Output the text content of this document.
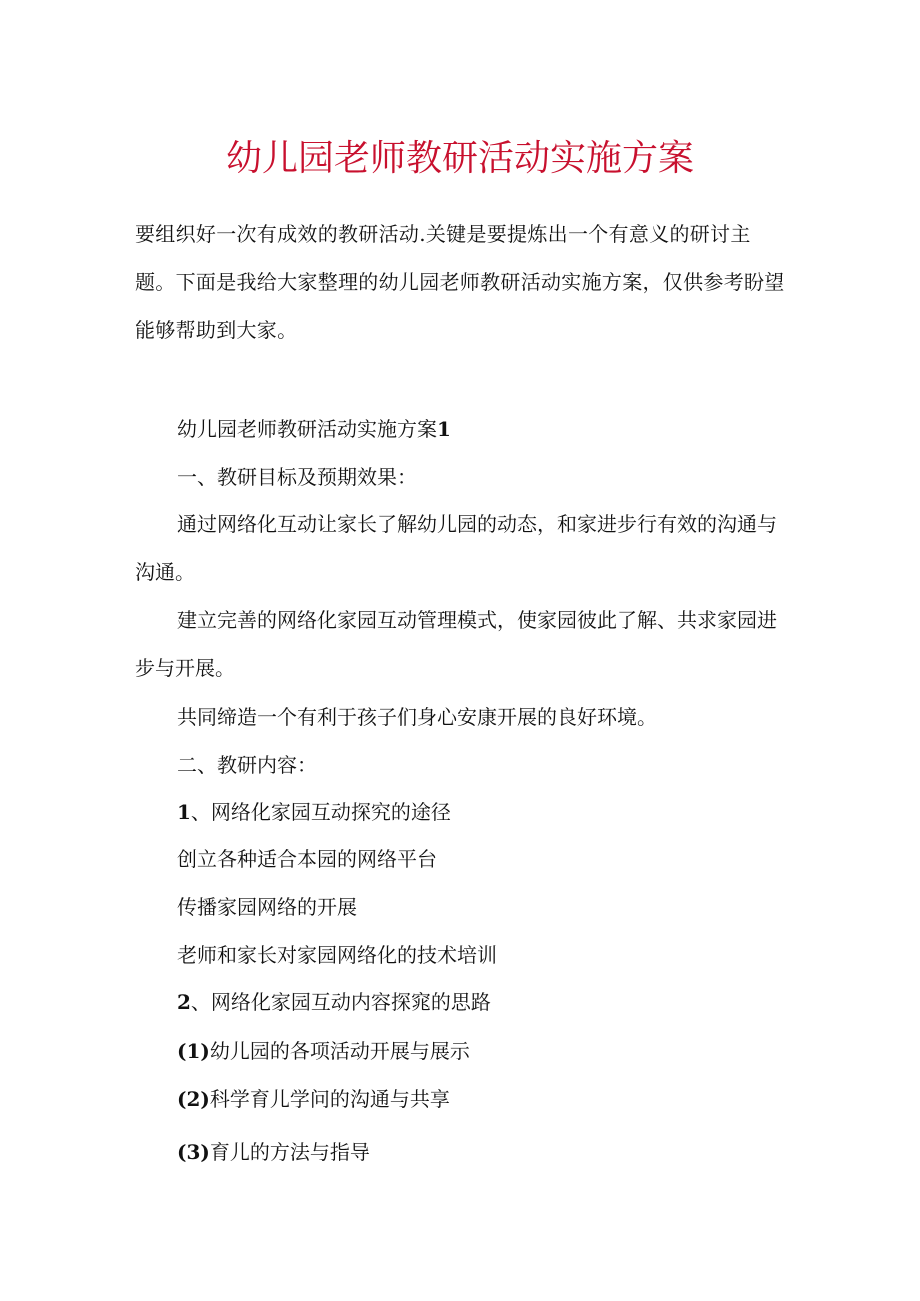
幼儿园老师教研活动实施方案

要组织好一次有成效的教研活动.关键是要提炼出一个有意义的研讨主题。下面是我给大家整理的幼儿园老师教研活动实施方案，仅供参考盼望能够帮助到大家。

幼儿园老师教研活动实施方案1
一、教研目标及预期效果：

通过网络化互动让家长了解幼儿园的动态，和家进步行有效的沟通与沟通。

建立完善的网络化家园互动管理模式，使家园彼此了解、共求家园进步与开展。

共同缔造一个有利于孩子们身心安康开展的良好环境。
二、教研内容：
1、网络化家园互动探究的途径
创立各种适合本园的网络平台
传播家园网络的开展
老师和家长对家园网络化的技术培训
2、网络化家园互动内容探窕的思路
(1)幼儿园的各项活动开展与展示
(2)科学育儿学问的沟通与共享
(3)育儿的方法与指导
